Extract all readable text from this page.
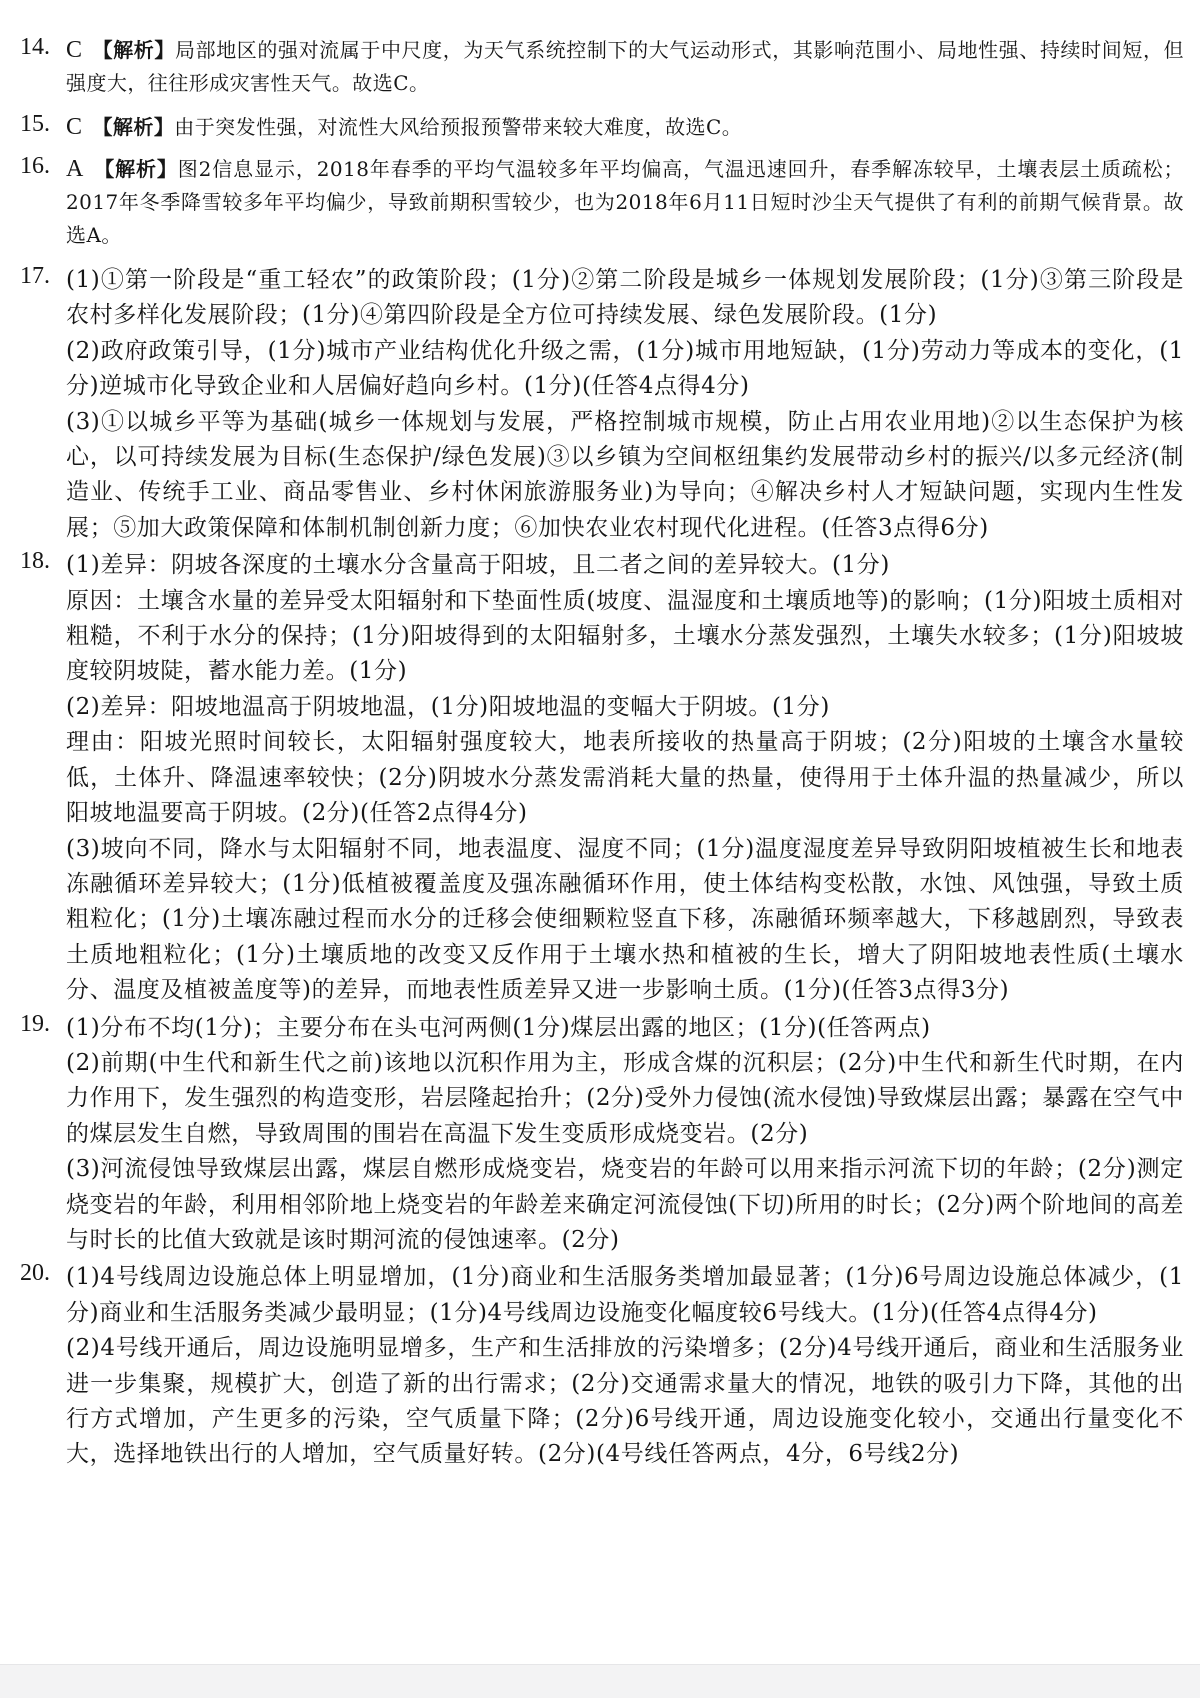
14. C 【解析】局部地区的强对流属于中尺度，为天气系统控制下的大气运动形式，其影响范围小、局地性强、持续时间短，但强度大，往往形成灾害性天气。故选C。

15. C 【解析】由于突发性强，对流性大风给预报预警带来较大难度，故选C。

16. A 【解析】图2信息显示，2018年春季的平均气温较多年平均偏高，气温迅速回升，春季解冻较早，土壤表层土质疏松；2017年冬季降雪较多年平均偏少，导致前期积雪较少，也为2018年6月11日短时沙尘天气提供了有利的前期气候背景。故选A。

17. (1)①第一阶段是“重工轻农”的政策阶段；(1分)②第二阶段是城乡一体规划发展阶段；(1分)③第三阶段是农村多样化发展阶段；(1分)④第四阶段是全方位可持续发展、绿色发展阶段。(1分)

(2)政府政策引导，(1分)城市产业结构优化升级之需，(1分)城市用地短缺，(1分)劳动力等成本的变化，(1分)逆城市化导致企业和人居偏好趋向乡村。(1分)(任答4点得4分)

(3)①以城乡平等为基础(城乡一体规划与发展，严格控制城市规模，防止占用农业用地)②以生态保护为核心，以可持续发展为目标(生态保护/绿色发展)③以乡镇为空间枢纽集约发展带动乡村的振兴/以多元经济(制造业、传统手工业、商品零售业、乡村休闲旅游服务业)为导向；④解决乡村人才短缺问题，实现内生性发展；⑤加大政策保障和体制机制创新力度；⑥加快农业农村现代化进程。(任答3点得6分)

18. (1)差异：阴坡各深度的土壤水分含量高于阳坡，且二者之间的差异较大。(1分)

原因：土壤含水量的差异受太阳辐射和下垫面性质(坡度、温湿度和土壤质地等)的影响；(1分)阳坡土质相对粗糙，不利于水分的保持；(1分)阳坡得到的太阳辐射多，土壤水分蒸发强烈，土壤失水较多；(1分)阳坡坡度较阴坡陡，蓄水能力差。(1分)

(2)差异：阳坡地温高于阴坡地温，(1分)阳坡地温的变幅大于阴坡。(1分)

理由：阳坡光照时间较长，太阳辐射强度较大，地表所接收的热量高于阴坡；(2分)阳坡的土壤含水量较低，土体升、降温速率较快；(2分)阴坡水分蒸发需消耗大量的热量，使得用于土体升温的热量减少，所以阳坡地温要高于阴坡。(2分)(任答2点得4分)

(3)坡向不同，降水与太阳辐射不同，地表温度、湿度不同；(1分)温度湿度差异导致阴阳坡植被生长和地表冻融循环差异较大；(1分)低植被覆盖度及强冻融循环作用，使土体结构变松散，水蚀、风蚀强，导致土质粗粒化；(1分)土壤冻融过程而水分的迁移会使细颗粒竖直下移，冻融循环频率越大，下移越剧烈，导致表土质地粗粒化；(1分)土壤质地的改变又反作用于土壤水热和植被的生长，增大了阴阳坡地表性质(土壤水分、温度及植被盖度等)的差异，而地表性质差异又进一步影响土质。(1分)(任答3点得3分)

19. (1)分布不均(1分)；主要分布在头屯河两侧(1分)煤层出露的地区；(1分)(任答两点)

(2)前期(中生代和新生代之前)该地以沉积作用为主，形成含煤的沉积层；(2分)中生代和新生代时期，在内力作用下，发生强烈的构造变形，岩层隆起抬升；(2分)受外力侵蚀(流水侵蚀)导致煤层出露；暴露在空气中的煤层发生自燃，导致周围的围岩在高温下发生变质形成烧变岩。(2分)

(3)河流侵蚀导致煤层出露，煤层自燃形成烧变岩，烧变岩的年龄可以用来指示河流下切的年龄；(2分)测定烧变岩的年龄，利用相邻阶地上烧变岩的年龄差来确定河流侵蚀(下切)所用的时长；(2分)两个阶地间的高差与时长的比值大致就是该时期河流的侵蚀速率。(2分)

20. (1)4号线周边设施总体上明显增加，(1分)商业和生活服务类增加最显著；(1分)6号周边设施总体减少，(1分)商业和生活服务类减少最明显；(1分)4号线周边设施变化幅度较6号线大。(1分)(任答4点得4分)

(2)4号线开通后，周边设施明显增多，生产和生活排放的污染增多；(2分)4号线开通后，商业和生活服务业进一步集聚，规模扩大，创造了新的出行需求；(2分)交通需求量大的情况，地铁的吸引力下降，其他的出行方式增加，产生更多的污染，空气质量下降；(2分)6号线开通，周边设施变化较小，交通出行量变化不大，选择地铁出行的人增加，空气质量好转。(2分)(4号线任答两点，4分，6号线2分)
